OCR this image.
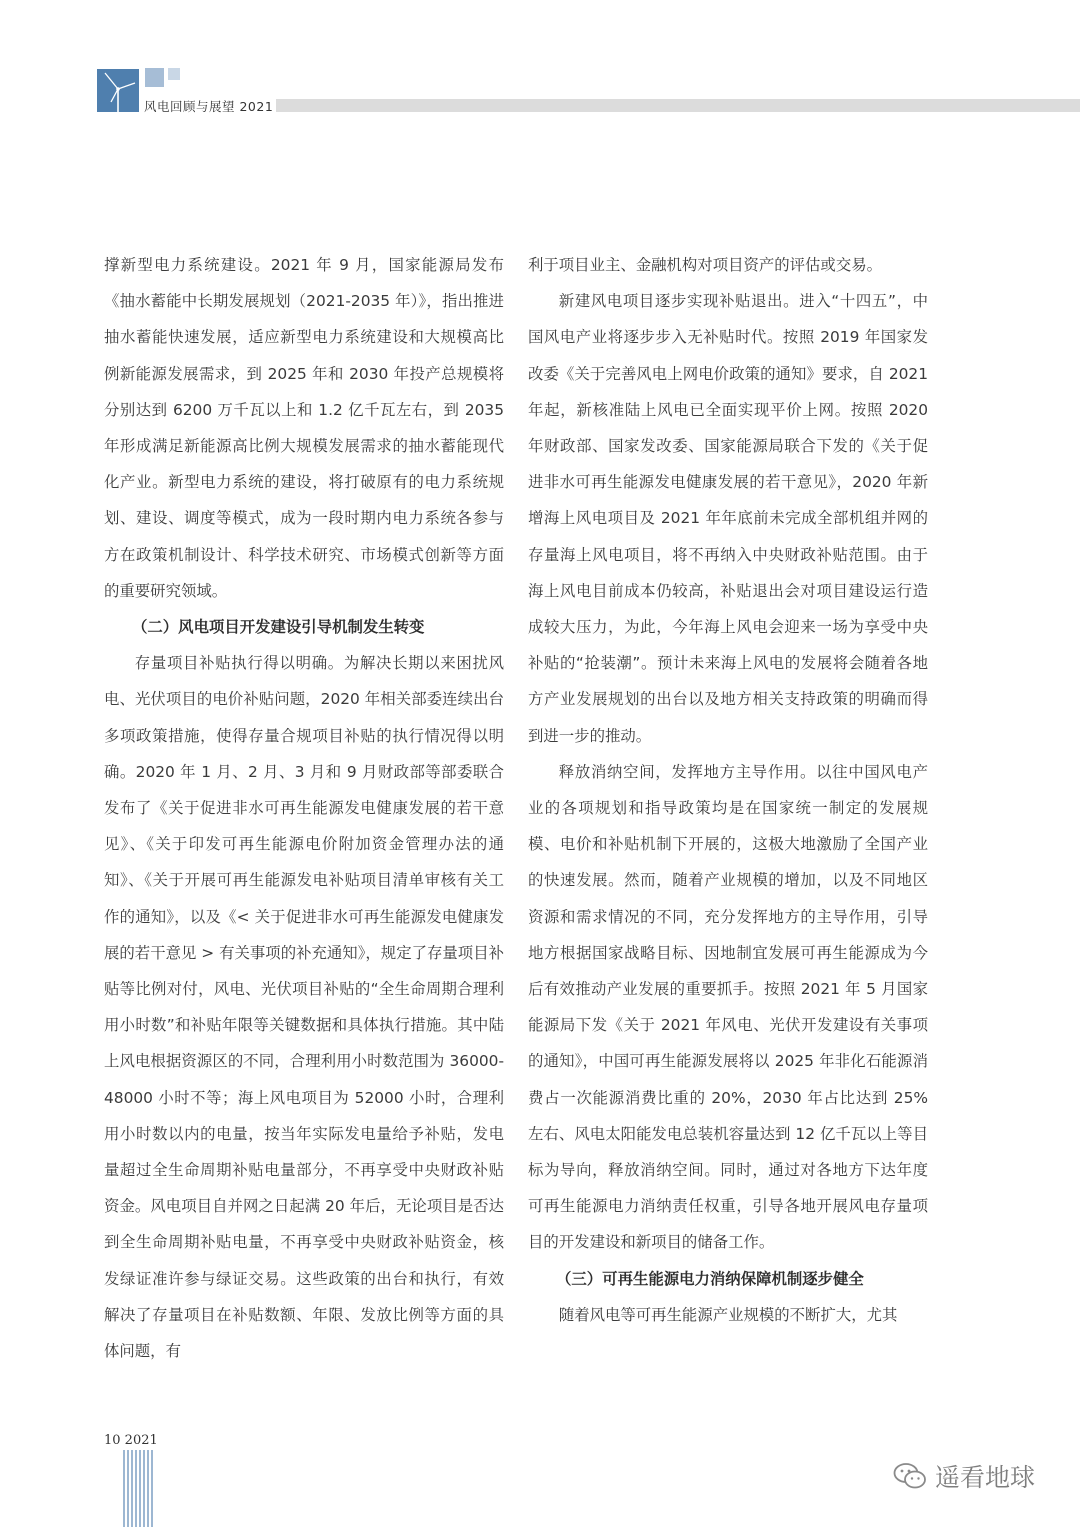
风电回顾与展望 2021

撑新型电力系统建设。2021 年 9 月，国家能源局发布《抽水蓄能中长期发展规划（2021-2035 年）》，指出推进抽水蓄能快速发展，适应新型电力系统建设和大规模高比例新能源发展需求，到 2025 年和 2030 年投产总规模将分别达到 6200 万千瓦以上和 1.2 亿千瓦左右，到 2035 年形成满足新能源高比例大规模发展需求的抽水蓄能现代化产业。新型电力系统的建设，将打破原有的电力系统规划、建设、调度等模式，成为一段时期内电力系统各参与方在政策机制设计、科学技术研究、市场模式创新等方面的重要研究领域。

（二）风电项目开发建设引导机制发生转变

存量项目补贴执行得以明确。为解决长期以来困扰风电、光伏项目的电价补贴问题，2020 年相关部委连续出台多项政策措施，使得存量合规项目补贴的执行情况得以明确。2020 年 1 月、2 月、3 月和 9 月财政部等部委联合发布了《关于促进非水可再生能源发电健康发展的若干意见》、《关于印发可再生能源电价附加资金管理办法的通知》、《关于开展可再生能源发电补贴项目清单审核有关工作的通知》，以及《< 关于促进非水可再生能源发电健康发展的若干意见 > 有关事项的补充通知》，规定了存量项目补贴等比例对付，风电、光伏项目补贴的“全生命周期合理利用小时数”和补贴年限等关键数据和具体执行措施。其中陆上风电根据资源区的不同，合理利用小时数范围为 36000-48000 小时不等；海上风电项目为 52000 小时，合理利用小时数以内的电量，按当年实际发电量给予补贴，发电量超过全生命周期补贴电量部分，不再享受中央财政补贴资金。风电项目自并网之日起满 20 年后，无论项目是否达到全生命周期补贴电量，不再享受中央财政补贴资金，核发绿证准许参与绿证交易。这些政策的出台和执行，有效解决了存量项目在补贴数额、年限、发放比例等方面的具体问题，有

利于项目业主、金融机构对项目资产的评估或交易。

新建风电项目逐步实现补贴退出。进入“十四五”，中国风电产业将逐步步入无补贴时代。按照 2019 年国家发改委《关于完善风电上网电价政策的通知》要求，自 2021 年起，新核准陆上风电已全面实现平价上网。按照 2020 年财政部、国家发改委、国家能源局联合下发的《关于促进非水可再生能源发电健康发展的若干意见》，2020 年新增海上风电项目及 2021 年年底前未完成全部机组并网的存量海上风电项目，将不再纳入中央财政补贴范围。由于海上风电目前成本仍较高，补贴退出会对项目建设运行造成较大压力，为此，今年海上风电会迎来一场为享受中央补贴的“抢装潮”。预计未来海上风电的发展将会随着各地方产业发展规划的出台以及地方相关支持政策的明确而得到进一步的推动。

释放消纳空间，发挥地方主导作用。以往中国风电产业的各项规划和指导政策均是在国家统一制定的发展规模、电价和补贴机制下开展的，这极大地激励了全国产业的快速发展。然而，随着产业规模的增加，以及不同地区资源和需求情况的不同，充分发挥地方的主导作用，引导地方根据国家战略目标、因地制宜发展可再生能源成为今后有效推动产业发展的重要抓手。按照 2021 年 5 月国家能源局下发《关于 2021 年风电、光伏开发建设有关事项的通知》，中国可再生能源发展将以 2025 年非化石能源消费占一次能源消费比重的 20%，2030 年占比达到 25% 左右、风电太阳能发电总装机容量达到 12 亿千瓦以上等目标为导向，释放消纳空间。同时，通过对各地方下达年度可再生能源电力消纳责任权重，引导各地开展风电存量项目的开发建设和新项目的储备工作。

（三）可再生能源电力消纳保障机制逐步健全

随着风电等可再生能源产业规模的不断扩大，尤其

10 2021
遥看地球
